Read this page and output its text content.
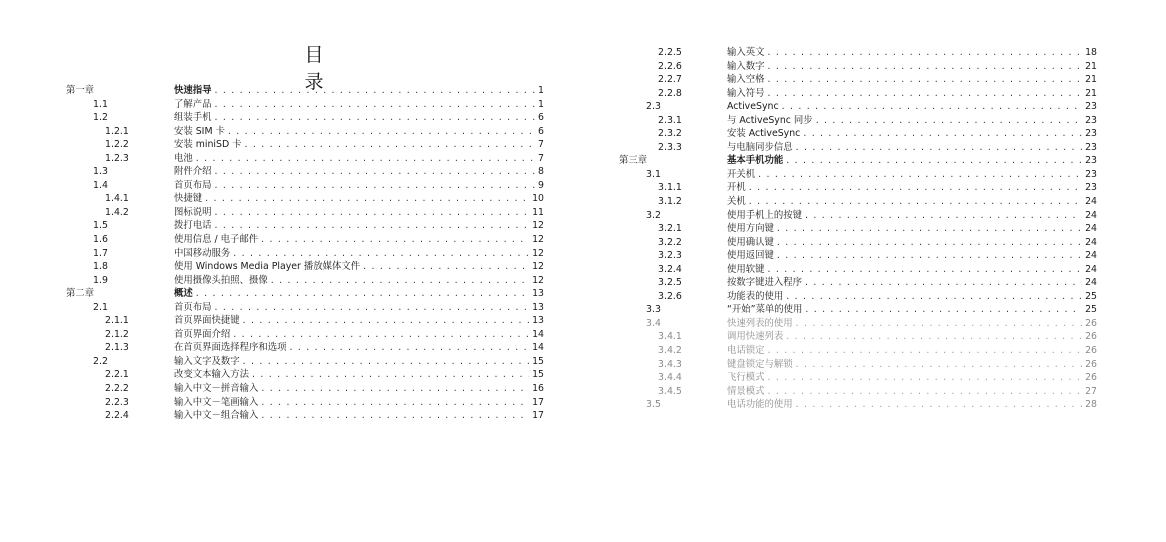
目 录
第一章	快速指导 . . .	1
1.1	了解产品 . . .	1
1.2	组装手机 . . .	6
1.2.1	安装 SIM 卡 . . .	6
1.2.2	安装 miniSD 卡 . . .	7
1.2.3	电池 . . .	7
1.3	附件介绍 . . .	8
1.4	首页布局 . . .	9
1.4.1	快捷键 . . .	10
1.4.2	图标说明 . . .	11
1.5	拨打电话 . . .	12
1.6	使用信息 / 电子邮件 . . .	12
1.7	中国移动服务 . . .	12
1.8	使用 Windows Media Player 播放媒体文件 . . .	12
1.9	使用摄像头拍照、摄像 . . .	12
第二章	概述 . . .	13
2.1	首页布局 . . .	13
2.1.1	首页界面快捷键 . . .	13
2.1.2	首页界面介绍 . . .	14
2.1.3	在首页界面选择程序和选项 . . .	14
2.2	输入文字及数字 . . .	15
2.2.1	改变文本输入方法 . . .	15
2.2.2	输入中文－拼音输入 . . .	16
2.2.3	输入中文－笔画输入 . . .	17
2.2.4	输入中文－组合输入 . . .	17
2.2.5	输入英文 . . .	18
2.2.6	输入数字 . . .	21
2.2.7	输入空格 . . .	21
2.2.8	输入符号 . . .	21
2.3	ActiveSync . . .	23
2.3.1	与 ActiveSync 同步 . . .	23
2.3.2	安装 ActiveSync . . .	23
2.3.3	与电脑同步信息 . . .	23
第三章	基本手机功能 . . .	23
3.1	开关机 . . .	23
3.1.1	开机 . . .	23
3.1.2	关机 . . .	24
3.2	使用手机上的按键 . . .	24
3.2.1	使用方向键 . . .	24
3.2.2	使用确认键 . . .	24
3.2.3	使用返回键 . . .	24
3.2.4	使用软键 . . .	24
3.2.5	按数字键进入程序 . . .	24
3.2.6	功能表的使用 . . .	25
3.3	“开始”菜单的使用 . . .	25
3.4	快速列表的使用 . . .	26
3.4.1	调用快速列表 . . .	26
3.4.2	电话锁定 . . .	26
3.4.3	键盘锁定与解锁 . . .	26
3.4.4	飞行模式 . . .	26
3.4.5	情景模式 . . .	27
3.5	电话功能的使用 . . .	28
